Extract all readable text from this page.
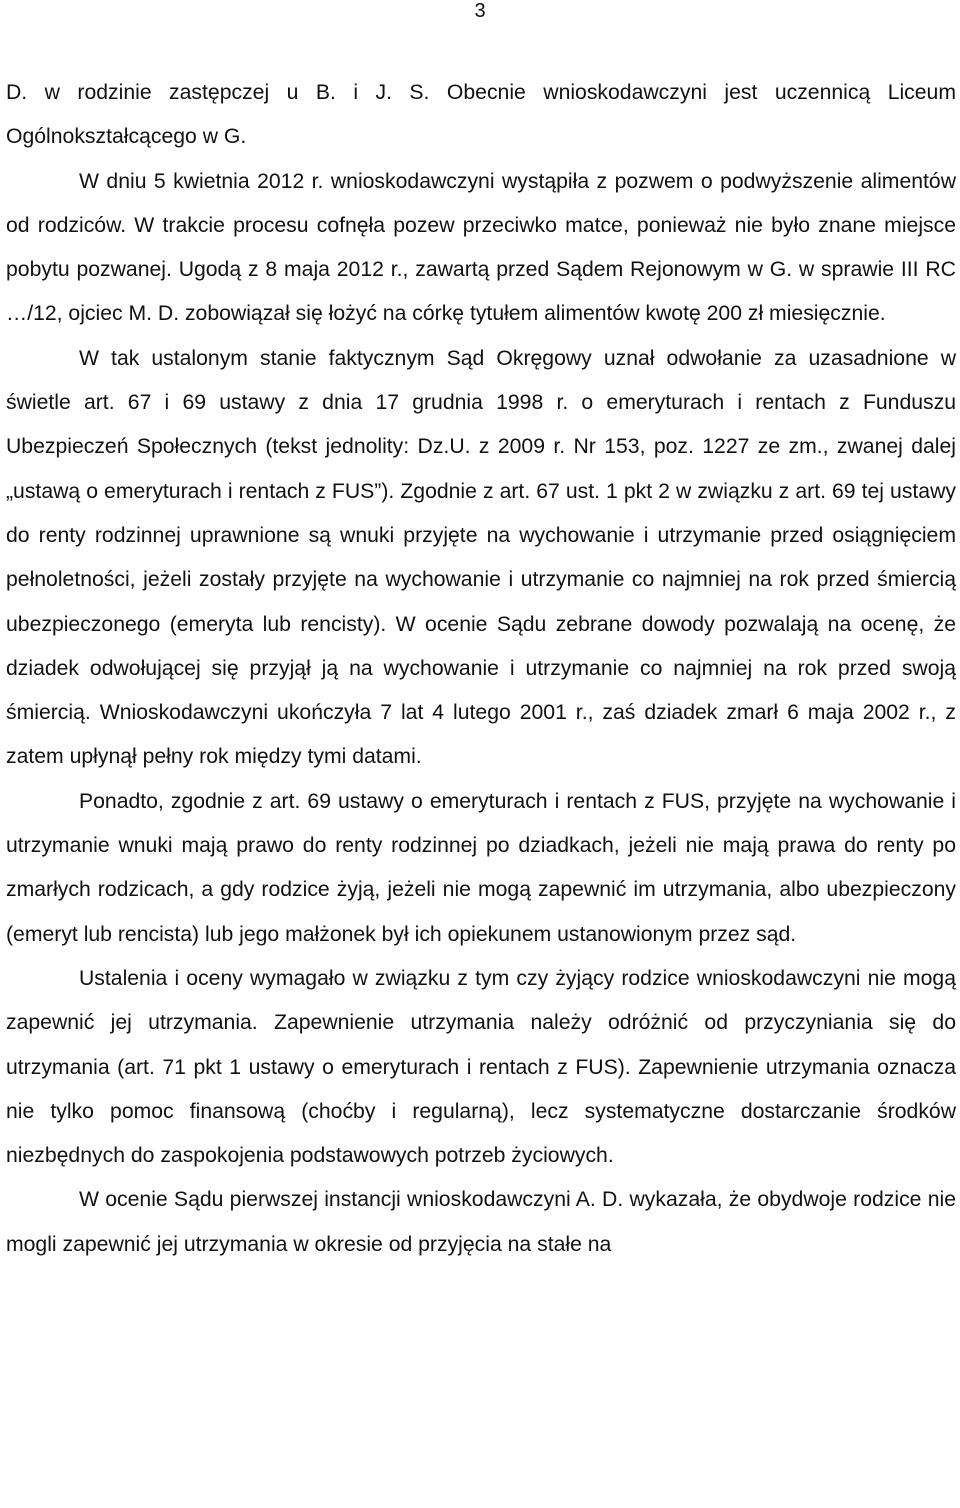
3

D. w rodzinie zastępczej u B. i J. S. Obecnie wnioskodawczyni jest uczennicą Liceum Ogólnokształcącego w G.

W dniu 5 kwietnia 2012 r. wnioskodawczyni wystąpiła z pozwem o podwyższenie alimentów od rodziców. W trakcie procesu cofnęła pozew przeciwko matce, ponieważ nie było znane miejsce pobytu pozwanej. Ugodą z 8 maja 2012 r., zawartą przed Sądem Rejonowym w G. w sprawie III RC …/12, ojciec M. D. zobowiązał się łożyć na córkę tytułem alimentów kwotę 200 zł miesięcznie.

W tak ustalonym stanie faktycznym Sąd Okręgowy uznał odwołanie za uzasadnione w świetle art. 67 i 69 ustawy z dnia 17 grudnia 1998 r. o emeryturach i rentach z Funduszu Ubezpieczeń Społecznych (tekst jednolity: Dz.U. z 2009 r. Nr 153, poz. 1227 ze zm., zwanej dalej „ustawą o emeryturach i rentach z FUS”). Zgodnie z art. 67 ust. 1 pkt 2 w związku z art. 69 tej ustawy do renty rodzinnej uprawnione są wnuki przyjęte na wychowanie i utrzymanie przed osiągnięciem pełnoletności, jeżeli zostały przyjęte na wychowanie i utrzymanie co najmniej na rok przed śmiercią ubezpieczonego (emeryta lub rencisty). W ocenie Sądu zebrane dowody pozwalają na ocenę, że dziadek odwołującej się przyjął ją na wychowanie i utrzymanie co najmniej na rok przed swoją śmiercią. Wnioskodawczyni ukończyła 7 lat 4 lutego 2001 r., zaś dziadek zmarł 6 maja 2002 r., z zatem upłynął pełny rok między tymi datami.

Ponadto, zgodnie z art. 69 ustawy o emeryturach i rentach z FUS, przyjęte na wychowanie i utrzymanie wnuki mają prawo do renty rodzinnej po dziadkach, jeżeli nie mają prawa do renty po zmarłych rodzicach, a gdy rodzice żyją, jeżeli nie mogą zapewnić im utrzymania, albo ubezpieczony (emeryt lub rencista) lub jego małżonek był ich opiekunem ustanowionym przez sąd.

Ustalenia i oceny wymagało w związku z tym czy żyjący rodzice wnioskodawczyni nie mogą zapewnić jej utrzymania. Zapewnienie utrzymania należy odróżnić od przyczyniania się do utrzymania (art. 71 pkt 1 ustawy o emeryturach i rentach z FUS). Zapewnienie utrzymania oznacza nie tylko pomoc finansową (choćby i regularną), lecz systematyczne dostarczanie środków niezbędnych do zaspokojenia podstawowych potrzeb życiowych.

W ocenie Sądu pierwszej instancji wnioskodawczyni A. D. wykazała, że obydwoje rodzice nie mogli zapewnić jej utrzymania w okresie od przyjęcia na stałe na
